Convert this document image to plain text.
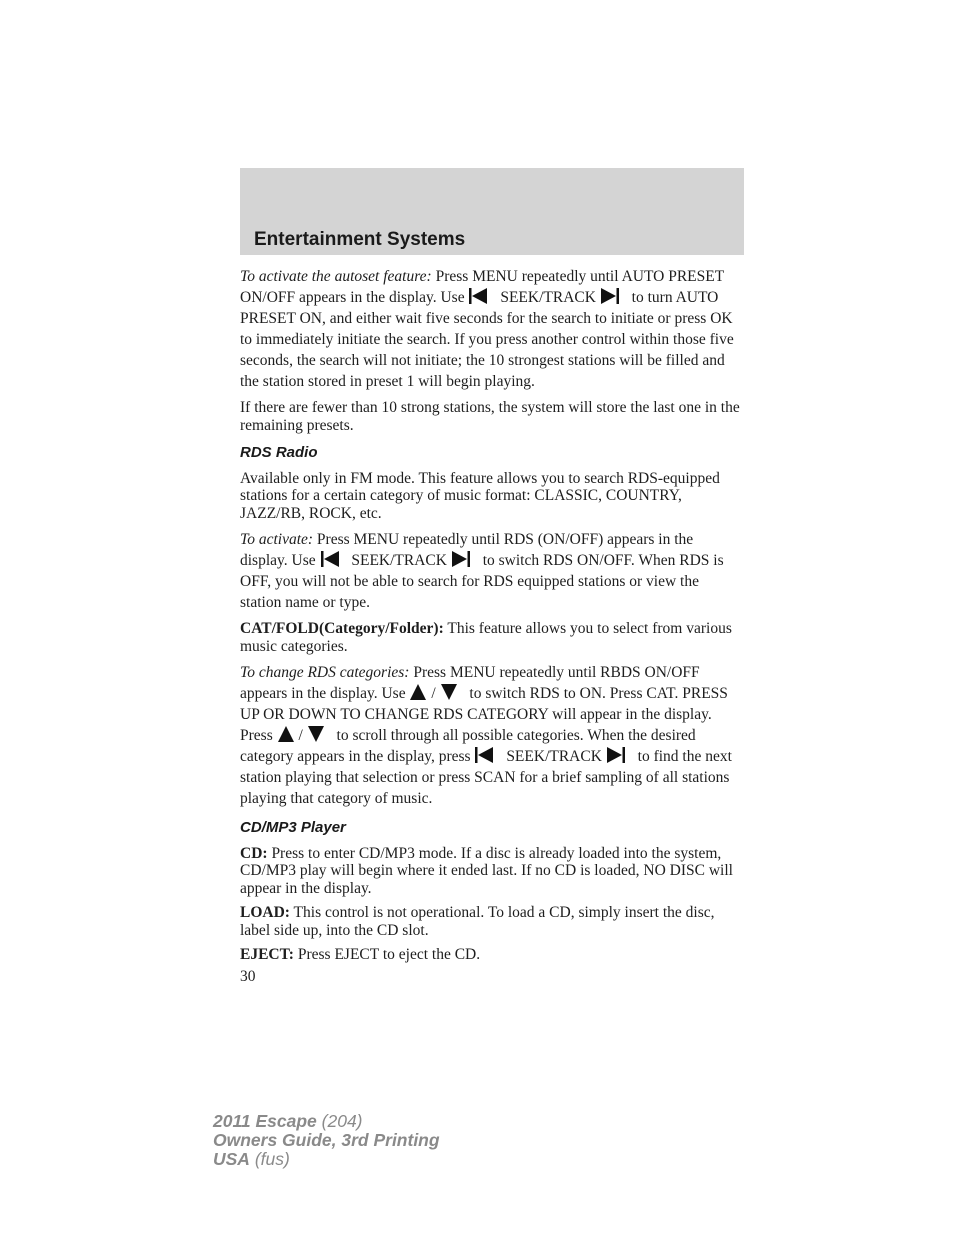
Entertainment Systems

To activate the autoset feature: Press MENU repeatedly until AUTO PRESET ON/OFF appears in the display. Use SEEK/TRACK to turn AUTO PRESET ON, and either wait five seconds for the search to initiate or press OK to immediately initiate the search. If you press another control within those five seconds, the search will not initiate; the 10 strongest stations will be filled and the station stored in preset 1 will begin playing.

If there are fewer than 10 strong stations, the system will store the last one in the remaining presets.

RDS Radio

Available only in FM mode. This feature allows you to search RDS-equipped stations for a certain category of music format: CLASSIC, COUNTRY, JAZZ/RB, ROCK, etc.

To activate: Press MENU repeatedly until RDS (ON/OFF) appears in the display. Use SEEK/TRACK to switch RDS ON/OFF. When RDS is OFF, you will not be able to search for RDS equipped stations or view the station name or type.

CAT/FOLD(Category/Folder): This feature allows you to select from various music categories.

To change RDS categories: Press MENU repeatedly until RBDS ON/OFF appears in the display. Use / to switch RDS to ON. Press CAT. PRESS UP OR DOWN TO CHANGE RDS CATEGORY will appear in the display. Press / to scroll through all possible categories. When the desired category appears in the display, press SEEK/TRACK to find the next station playing that selection or press SCAN for a brief sampling of all stations playing that category of music.

CD/MP3 Player

CD: Press to enter CD/MP3 mode. If a disc is already loaded into the system, CD/MP3 play will begin where it ended last. If no CD is loaded, NO DISC will appear in the display.

LOAD: This control is not operational. To load a CD, simply insert the disc, label side up, into the CD slot.

EJECT: Press EJECT to eject the CD.

30
2011 Escape (204)
Owners Guide, 3rd Printing
USA (fus)
